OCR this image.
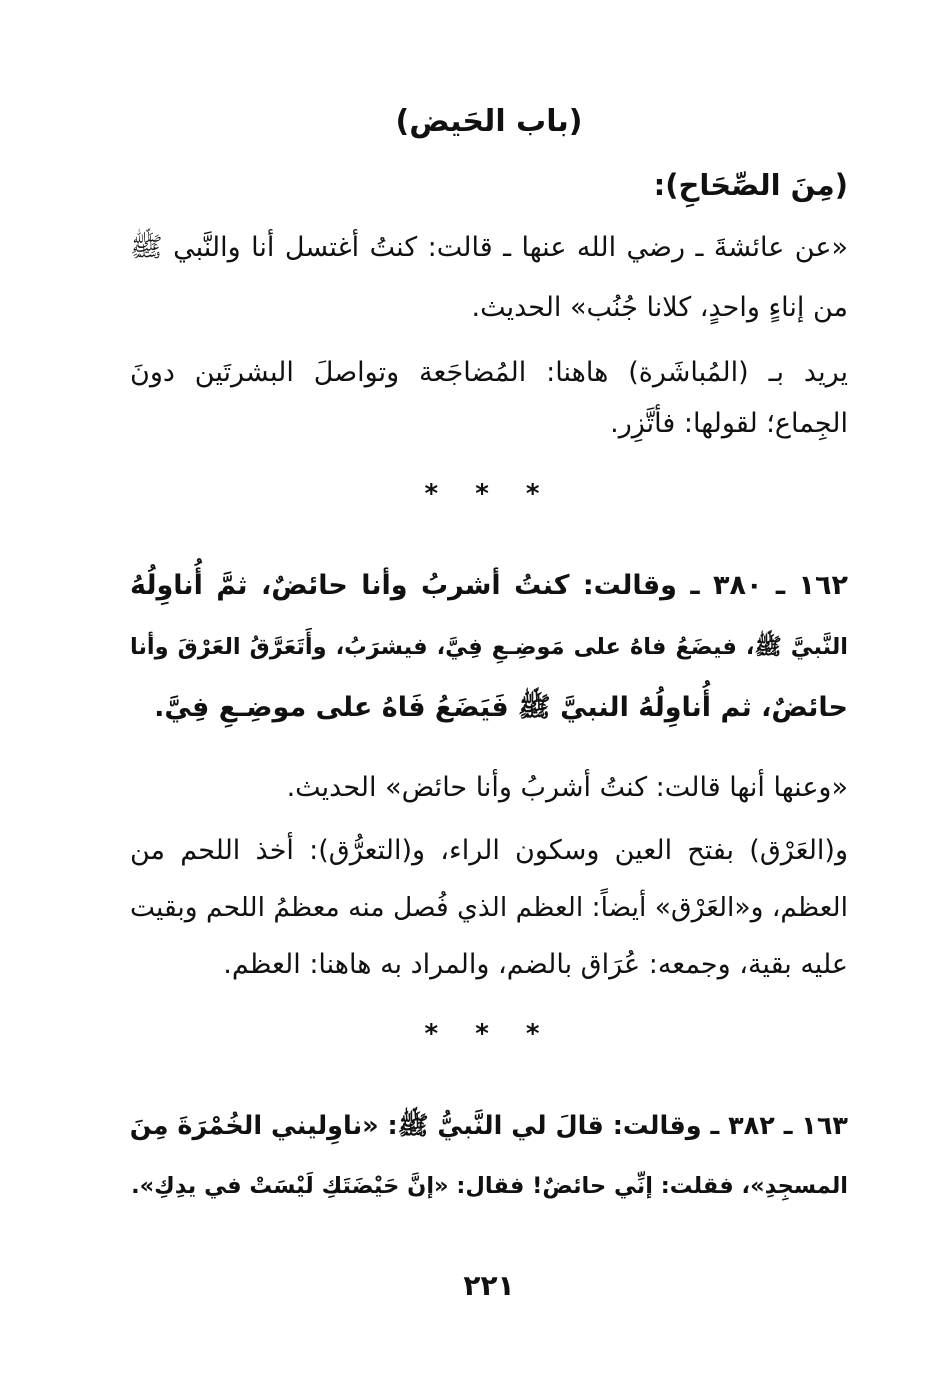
(باب الحَيض)
(مِنَ الصِّحَاحِ):
«عن عائشةَ ـ رضي الله عنها ـ قالت: كنتُ أغتسل أنا والنَّبي ﷺ
من إناءٍ واحدٍ، كلانا جُنُب» الحديث.
يريد بـ (المُباشَرة) هاهنا: المُضاجَعة وتواصلَ البشرتَين دونَ
الجِماع؛ لقولها: فأتَّزِر.
* * *
١٦٢ ـ ٣٨٠ ـ وقالت: كنتُ أشربُ وأنا حائضٌ، ثمَّ أُناوِلُهُ
النَّبيَّ ﷺ، فيضَعُ فاهُ على مَوضِـعِ فِيَّ، فيشرَبُ، وأَتَعَرَّقُ العَرْقَ وأنا
حائضٌ، ثم أُناوِلُهُ النبيَّ ﷺ فَيَضَعُ فَاهُ على موضِـعِ فِيَّ.
«وعنها أنها قالت: كنتُ أشربُ وأنا حائض» الحديث.
و(العَرْق) بفتح العين وسكون الراء، و(التعرُّق): أخذ اللحم من
العظم، و«العَرْق» أيضاً: العظم الذي فُصل منه معظمُ اللحم وبقيت
عليه بقية، وجمعه: عُرَاق بالضم، والمراد به هاهنا: العظم.
* * *
١٦٣ ـ ٣٨٢ ـ وقالت: قالَ لي النَّبيُّ ﷺ: «ناوِليني الخُمْرَةَ مِنَ
المسجِدِ»، فقلت: إنِّي حائضٌ! فقال: «إنَّ حَيْضَتَكِ لَيْسَتْ في يدِكِ».
٢٢١
